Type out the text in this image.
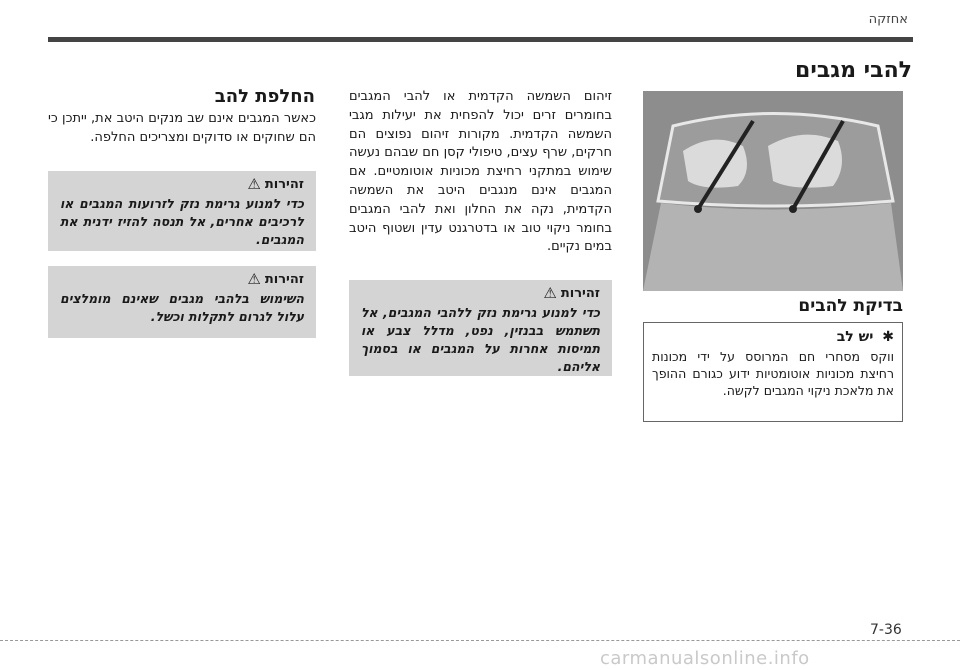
אחזקה
להבי מגבים
בדיקת להבים
✱ יש לב
ווקס מסחרי חם המרוסס על ידי מכונות רחיצת מכוניות אוטומטיות ידוע כגורם ההופך את מלאכת ניקוי המגבים לקשה.
זיהום השמשה הקדמית או להבי המגבים בחומרים זרים יכול להפחית את יעילות מגבי השמשה הקדמית. מקורות זיהום נפוצים הם חרקים, שרף עצים, טיפולי קסן חם שבהם נעשה שימוש במתקני רחיצת מכוניות אוטומטיים. אם המגבים אינם מנגבים היטב את השמשה הקדמית, נקה את החלון ואת להבי המגבים בחומר ניקוי טוב או בדטרגנט עדין ושטוף היטב במים נקיים.
זהירות
⚠
כדי למנוע גרימת נזק ללהבי המגבים, אל תשתמש בבנזין, נפט, מדלל צבע או תמיסות אחרות על המגבים או בסמוך אליהם.
החלפת להב
כאשר המגבים אינם שב מנקים היטב את, ייתכן כי הם שחוקים או סדוקים ומצריכים החלפה.
זהירות
⚠
כדי למנוע גרימת נזק לזרועות המגבים או לרכיבים אחרים, אל תנסה להזיז ידנית את המגבים.
זהירות
⚠
השימוש בלהבי מגבים שאינם מומלצים עלול לגרום לתקלות וכשל.
7-36
carmanualsonline.info
